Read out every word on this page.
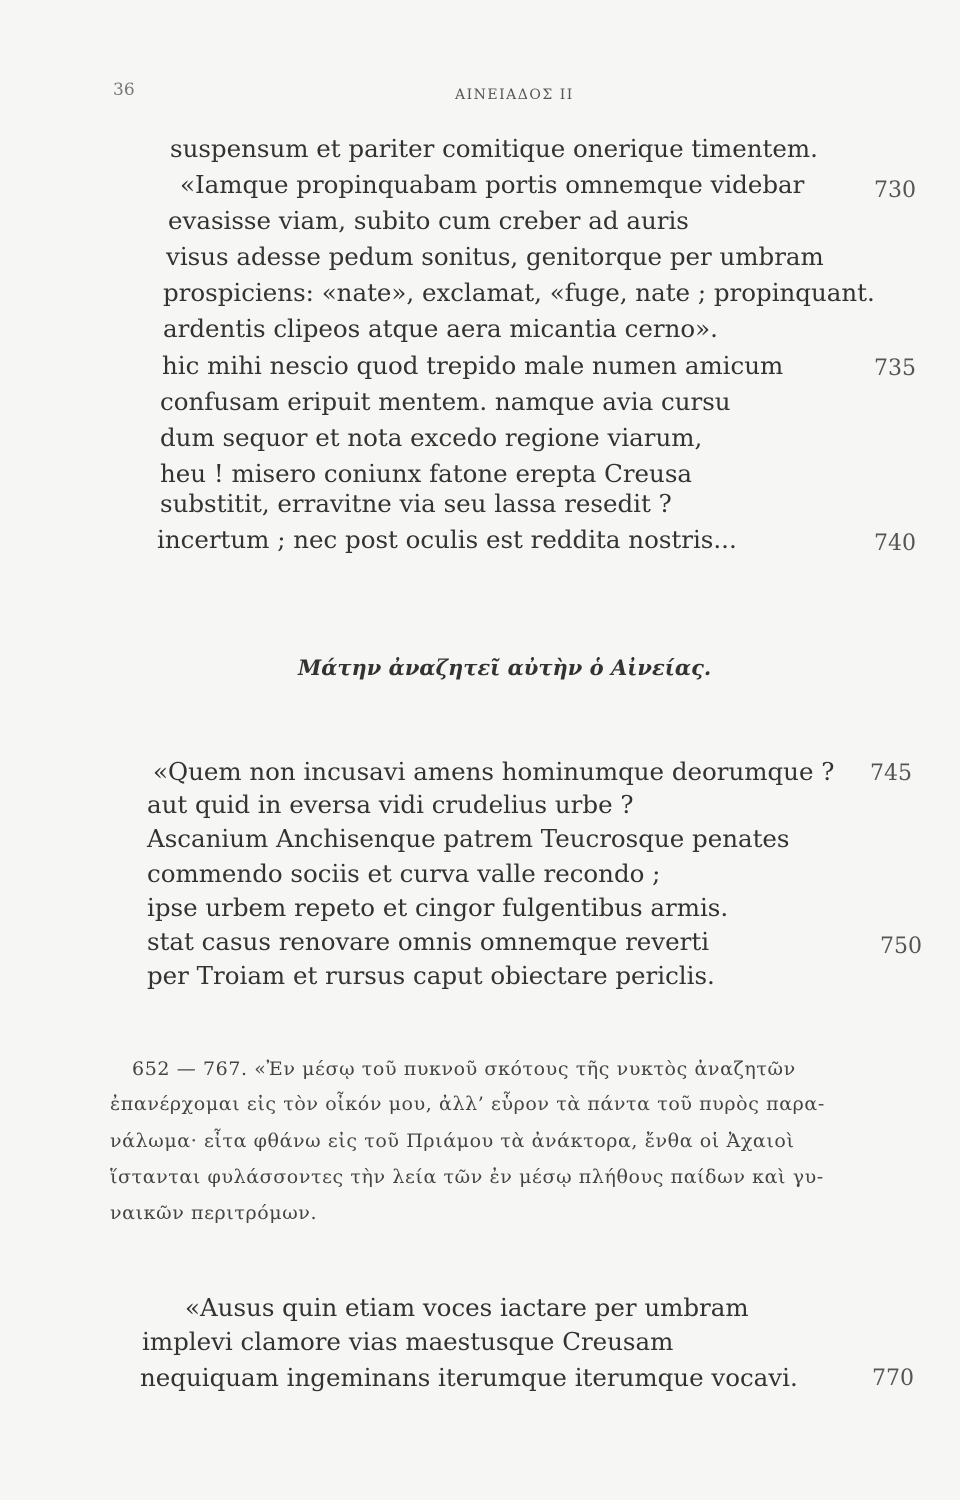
36	ΑΙΝΕΙΑΔΟΣ II
suspensum et pariter comitique onerique timentem.
«Iamque propinquabam portis omnemque videbar
evasisse viam, subito cum creber ad auris
visus adesse pedum sonitus, genitorque per umbram
prospiciens: «nate», exclamat, «fuge, nate ; propinquant.
ardentis clipeos atque aera micantia cerno».
hic mihi nescio quod trepido male numen amicum
confusam eripuit mentem. namque avia cursu
dum sequor et nota excedo regione viarum,
heu ! misero coniunx fatone erepta Creusa
substitit, erravitne via seu lassa resedit ?
incertum ; nec post oculis est reddita nostris...
730
735
740
Μάτην ἀναζητεῖ αὐτὴν ὁ Αἰνείας.
«Quem non incusavi amens hominumque deorumque ?
aut quid in eversa vidi crudelius urbe ?
Ascanium Anchisenque patrem Teucrosque penates
commendo sociis et curva valle recondo ;
ipse urbem repeto et cingor fulgentibus armis.
stat casus renovare omnis omnemque reverti
per Troiam et rursus caput obiectare periclis.
745
750
652 — 767. «Ἐν μέσῳ τοῦ πυκνοῦ σκότους τῆς νυκτὸς ἀναζητῶν
ἐπανέρχομαι εἰς τὸν οἶκόν μου, ἀλλ’ εὗρον τὰ πάντα τοῦ πυρὸς παρα-
νάλωμα· εἶτα φθάνω εἰς τοῦ Πριάμου τὰ ἀνάκτορα, ἔνθα οἱ Ἀχαιοὶ
ἵστανται φυλάσσοντες τὴν λεία τῶν ἐν μέσῳ πλήθους παίδων καὶ γυ-
ναικῶν περιτρόμων.
«Ausus quin etiam voces iactare per umbram
implevi clamore vias maestusque Creusam
nequiquam ingeminans iterumque iterumque vocavi.	770
